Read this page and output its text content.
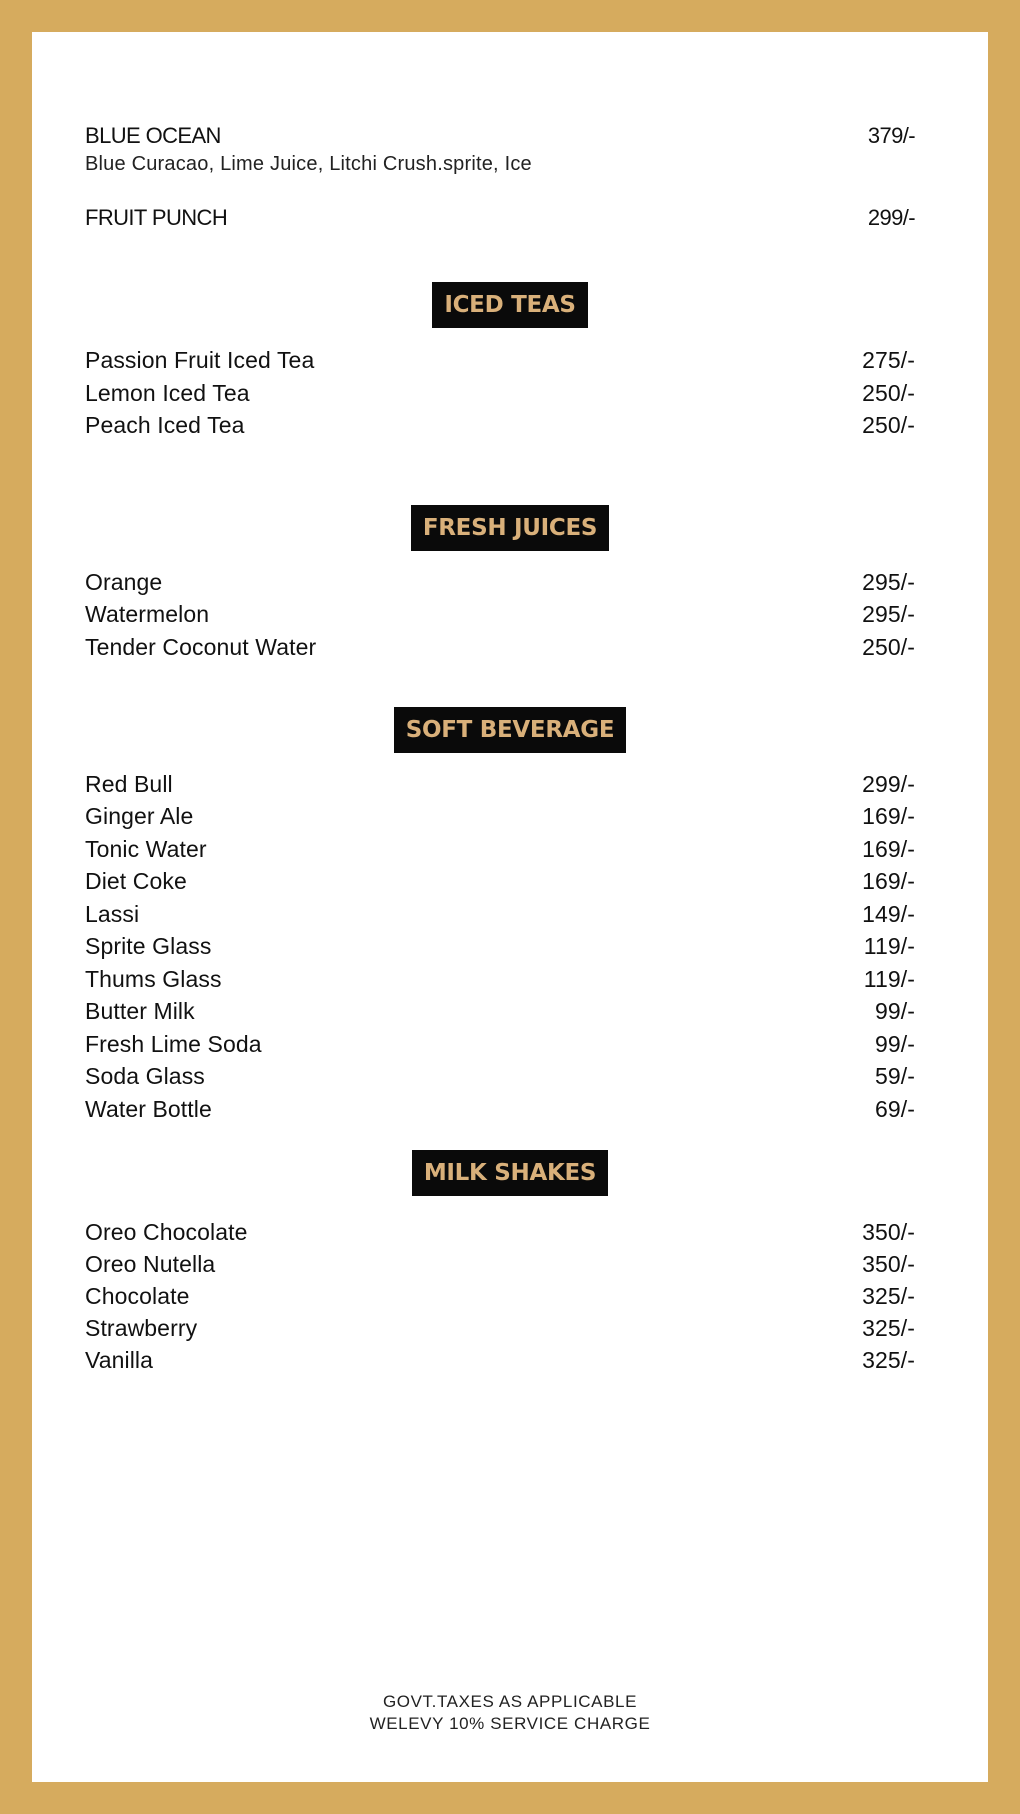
BLUE OCEAN	379/-
Blue Curacao, Lime Juice, Litchi Crush.sprite, Ice
FRUIT PUNCH	299/-
ICED TEAS
Passion Fruit Iced Tea	275/-
Lemon Iced Tea	250/-
Peach Iced Tea	250/-
FRESH JUICES
Orange	295/-
Watermelon	295/-
Tender Coconut Water	250/-
SOFT BEVERAGE
Red Bull	299/-
Ginger Ale	169/-
Tonic Water	169/-
Diet Coke	169/-
Lassi	149/-
Sprite Glass	119/-
Thums Glass	119/-
Butter Milk	99/-
Fresh Lime Soda	99/-
Soda Glass	59/-
Water Bottle	69/-
MILK SHAKES
Oreo Chocolate	350/-
Oreo Nutella	350/-
Chocolate	325/-
Strawberry	325/-
Vanilla	325/-
GOVT.TAXES AS APPLICABLE
WELEVY 10% SERVICE CHARGE
